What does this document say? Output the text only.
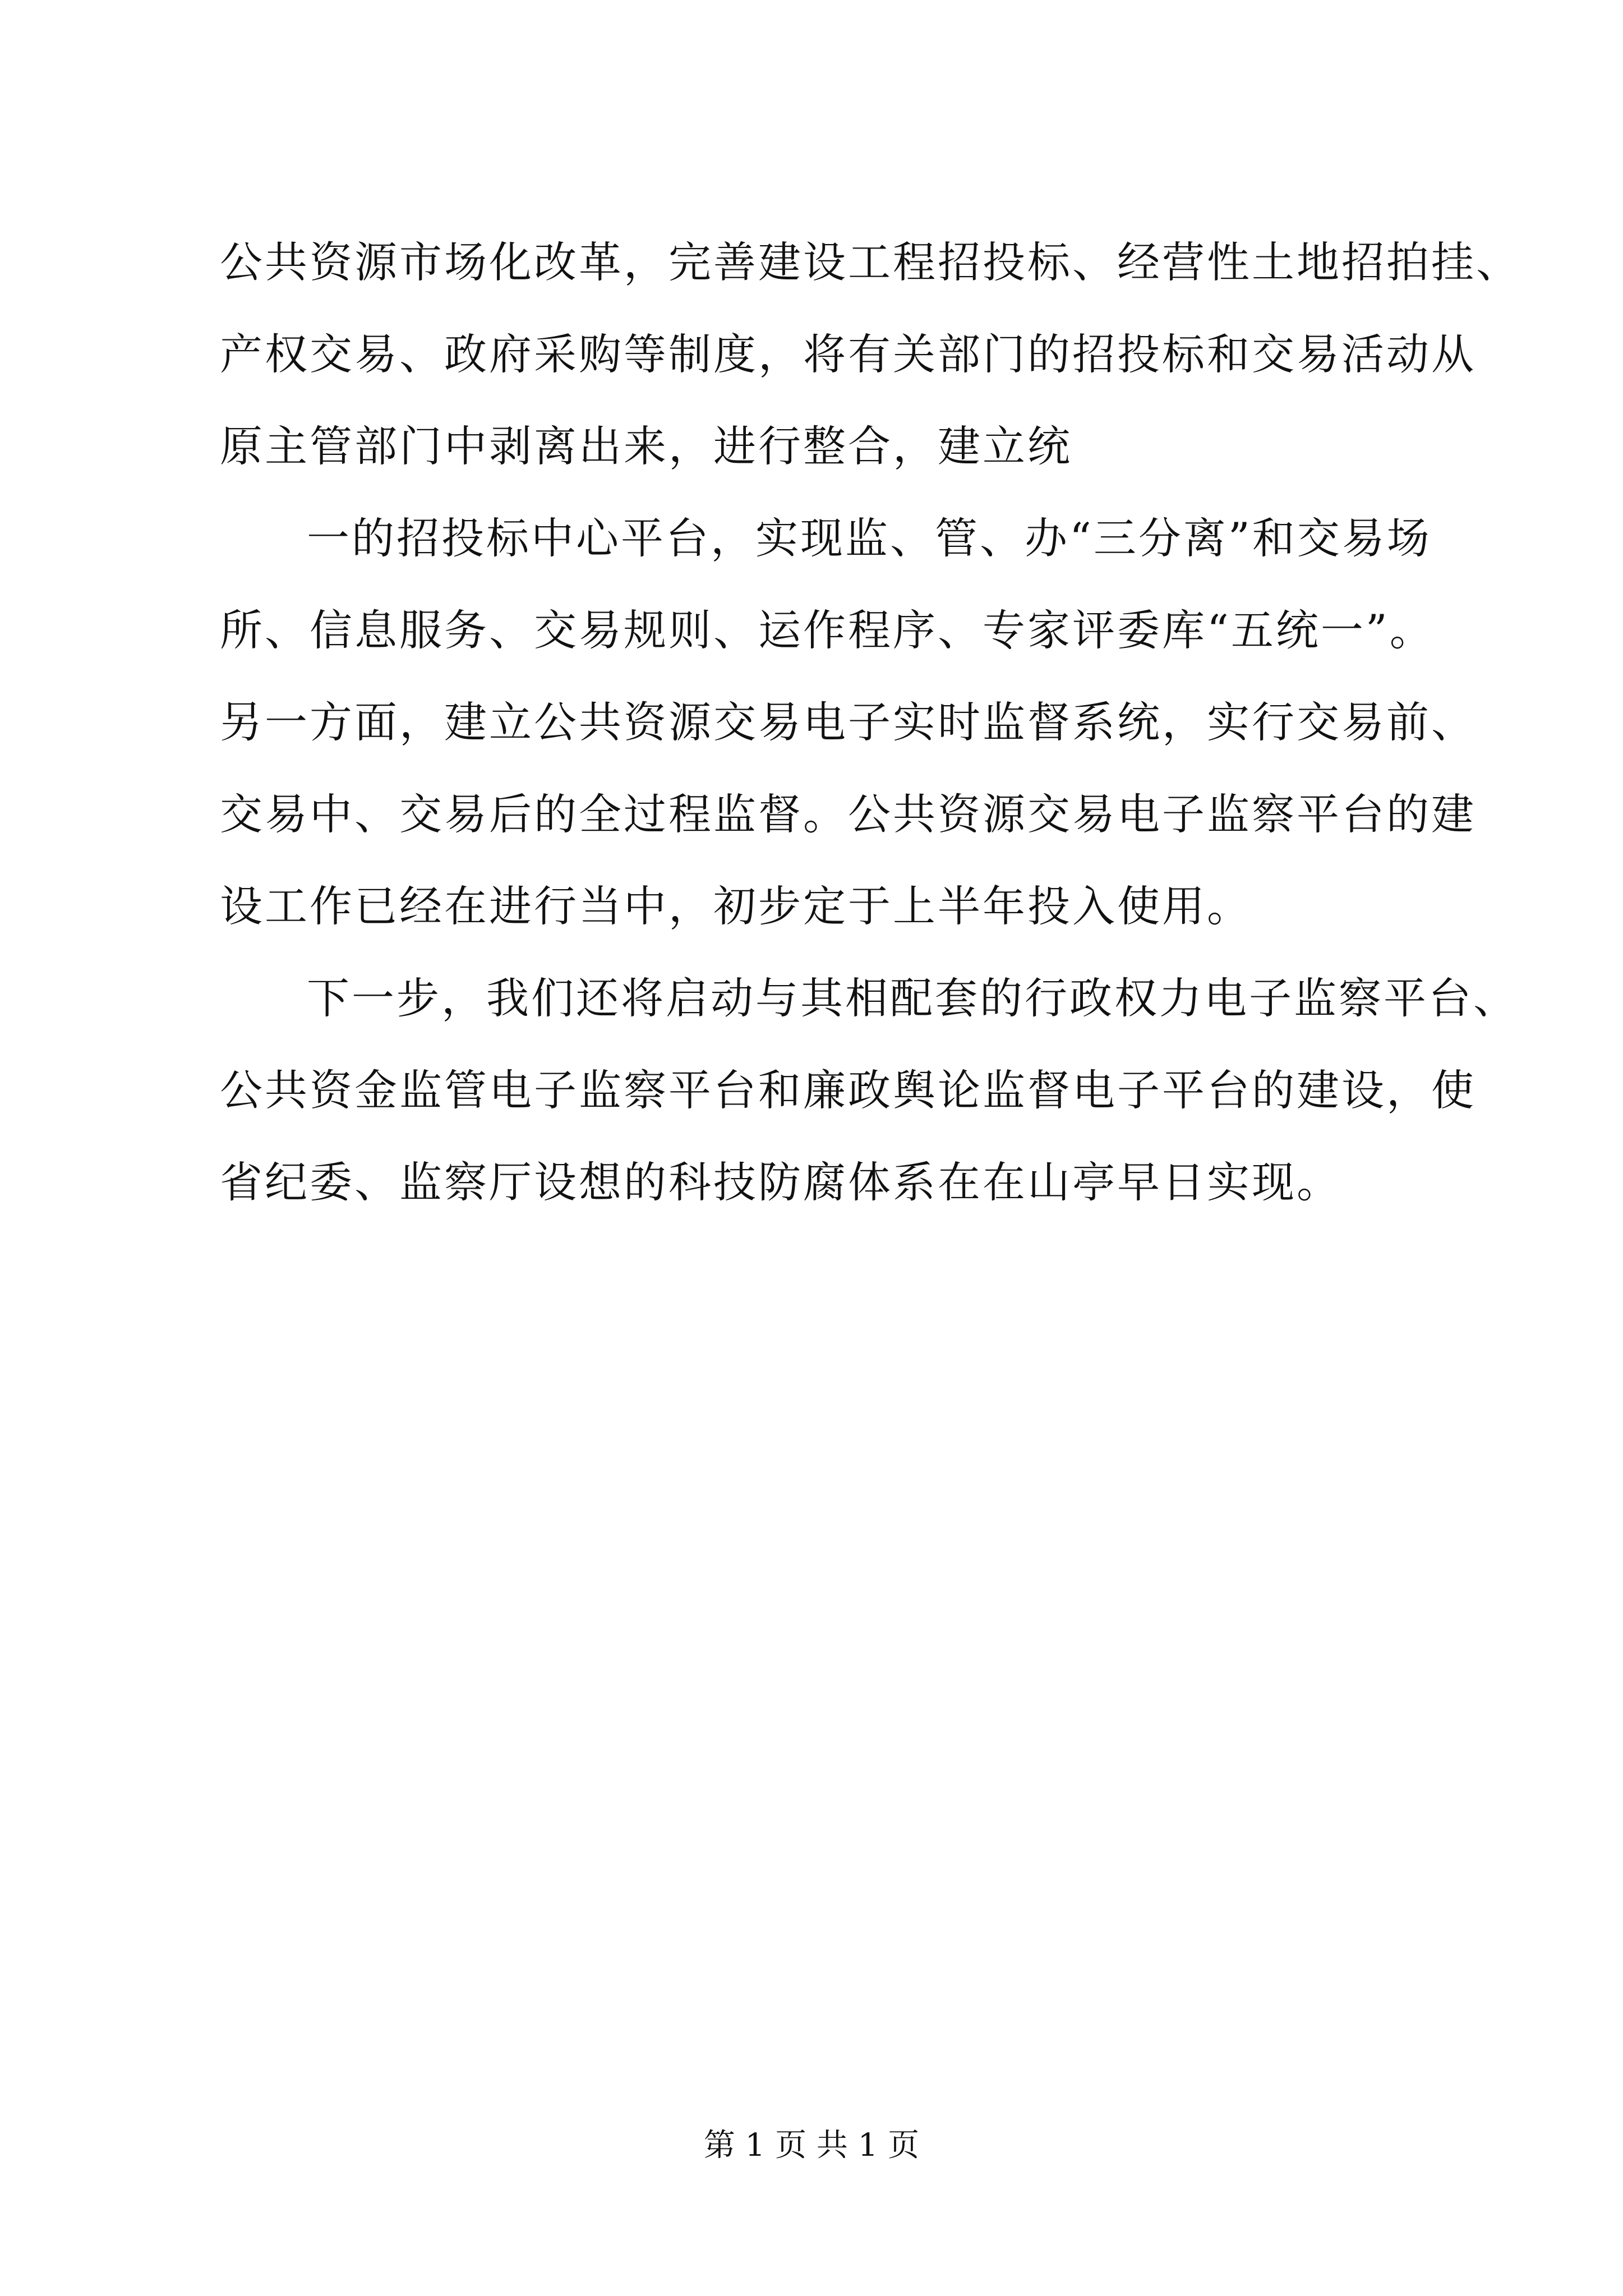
公共资源市场化改革，完善建设工程招投标、经营性土地招拍挂、
产权交易、政府采购等制度，将有关部门的招投标和交易活动从
原主管部门中剥离出来，进行整合，建立统
一的招投标中心平台，实现监、管、办“三分离”和交易场
所、信息服务、交易规则、运作程序、专家评委库“五统一”。
另一方面，建立公共资源交易电子实时监督系统，实行交易前、
交易中、交易后的全过程监督。公共资源交易电子监察平台的建
设工作已经在进行当中，初步定于上半年投入使用。
下一步，我们还将启动与其相配套的行政权力电子监察平台、
公共资金监管电子监察平台和廉政舆论监督电子平台的建设，使
省纪委、监察厅设想的科技防腐体系在在山亭早日实现。
第 1 页 共 1 页
